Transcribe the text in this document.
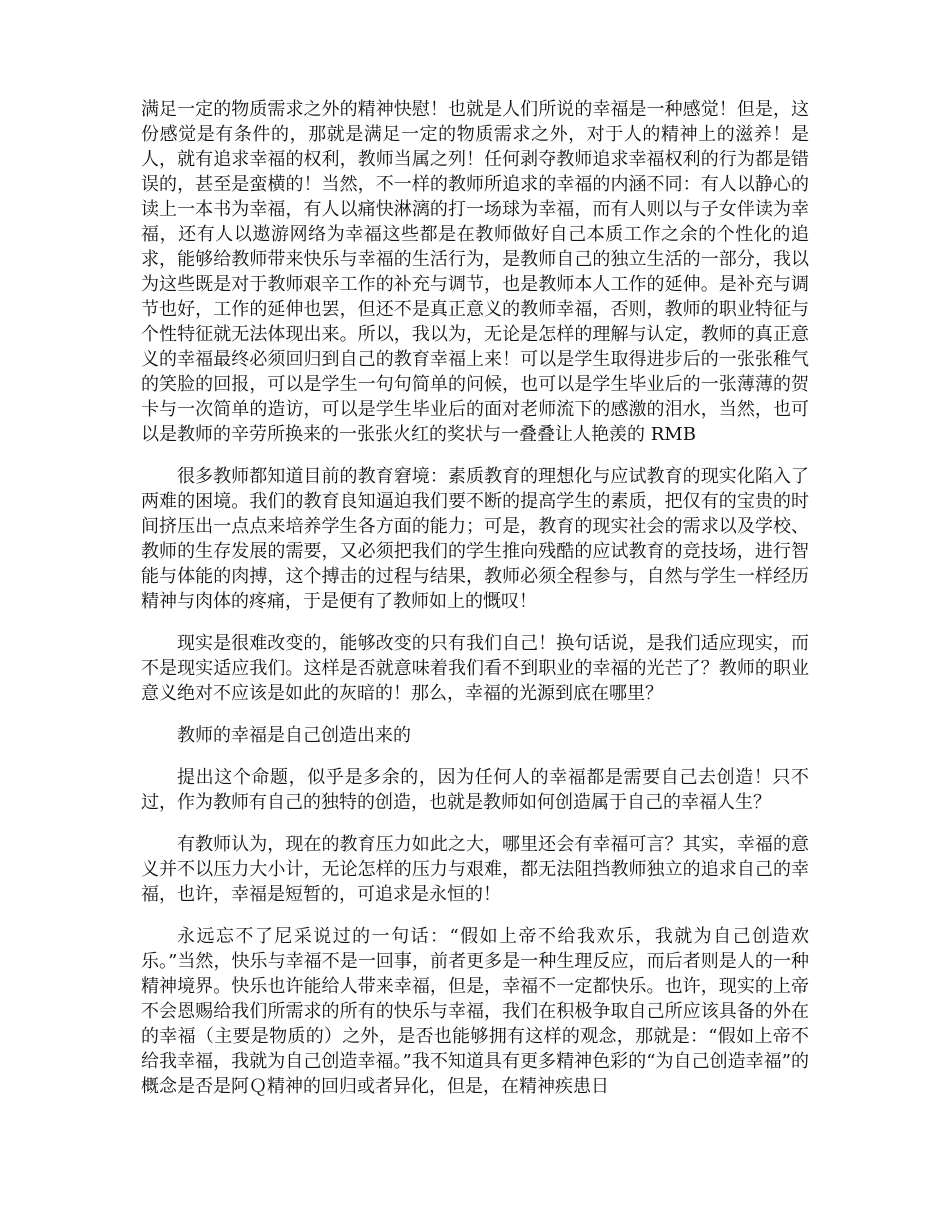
满足一定的物质需求之外的精神快慰！也就是人们所说的幸福是一种感觉！但是，这份感觉是有条件的，那就是满足一定的物质需求之外，对于人的精神上的滋养！是人，就有追求幸福的权利，教师当属之列！任何剥夺教师追求幸福权利的行为都是错误的，甚至是蛮横的！当然，不一样的教师所追求的幸福的内涵不同：有人以静心的读上一本书为幸福，有人以痛快淋漓的打一场球为幸福，而有人则以与子女伴读为幸福，还有人以遨游网络为幸福这些都是在教师做好自己本质工作之余的个性化的追求，能够给教师带来快乐与幸福的生活行为，是教师自己的独立生活的一部分，我以为这些既是对于教师艰辛工作的补充与调节，也是教师本人工作的延伸。是补充与调节也好，工作的延伸也罢，但还不是真正意义的教师幸福，否则，教师的职业特征与个性特征就无法体现出来。所以，我以为，无论是怎样的理解与认定，教师的真正意义的幸福最终必须回归到自己的教育幸福上来！可以是学生取得进步后的一张张稚气的笑脸的回报，可以是学生一句句简单的问候，也可以是学生毕业后的一张薄薄的贺卡与一次简单的造访，可以是学生毕业后的面对老师流下的感激的泪水，当然，也可以是教师的辛劳所换来的一张张火红的奖状与一叠叠让人艳羡的 RMB

很多教师都知道目前的教育窘境：素质教育的理想化与应试教育的现实化陷入了两难的困境。我们的教育良知逼迫我们要不断的提高学生的素质，把仅有的宝贵的时间挤压出一点点来培养学生各方面的能力；可是，教育的现实社会的需求以及学校、教师的生存发展的需要，又必须把我们的学生推向残酷的应试教育的竞技场，进行智能与体能的肉搏，这个搏击的过程与结果，教师必须全程参与，自然与学生一样经历精神与肉体的疼痛，于是便有了教师如上的慨叹！

现实是很难改变的，能够改变的只有我们自己！换句话说，是我们适应现实，而不是现实适应我们。这样是否就意味着我们看不到职业的幸福的光芒了？教师的职业意义绝对不应该是如此的灰暗的！那么，幸福的光源到底在哪里？

教师的幸福是自己创造出来的

提出这个命题，似乎是多余的，因为任何人的幸福都是需要自己去创造！只不过，作为教师有自己的独特的创造，也就是教师如何创造属于自己的幸福人生？

有教师认为，现在的教育压力如此之大，哪里还会有幸福可言？其实，幸福的意义并不以压力大小计，无论怎样的压力与艰难，都无法阻挡教师独立的追求自己的幸福，也许，幸福是短暂的，可追求是永恒的！

永远忘不了尼采说过的一句话：“假如上帝不给我欢乐，我就为自己创造欢乐。”当然，快乐与幸福不是一回事，前者更多是一种生理反应，而后者则是人的一种精神境界。快乐也许能给人带来幸福，但是，幸福不一定都快乐。也许，现实的上帝不会恩赐给我们所需求的所有的快乐与幸福，我们在积极争取自己所应该具备的外在的幸福（主要是物质的）之外，是否也能够拥有这样的观念，那就是：“假如上帝不给我幸福，我就为自己创造幸福。”我不知道具有更多精神色彩的“为自己创造幸福”的概念是否是阿Ｑ精神的回归或者异化，但是，在精神疾患日
